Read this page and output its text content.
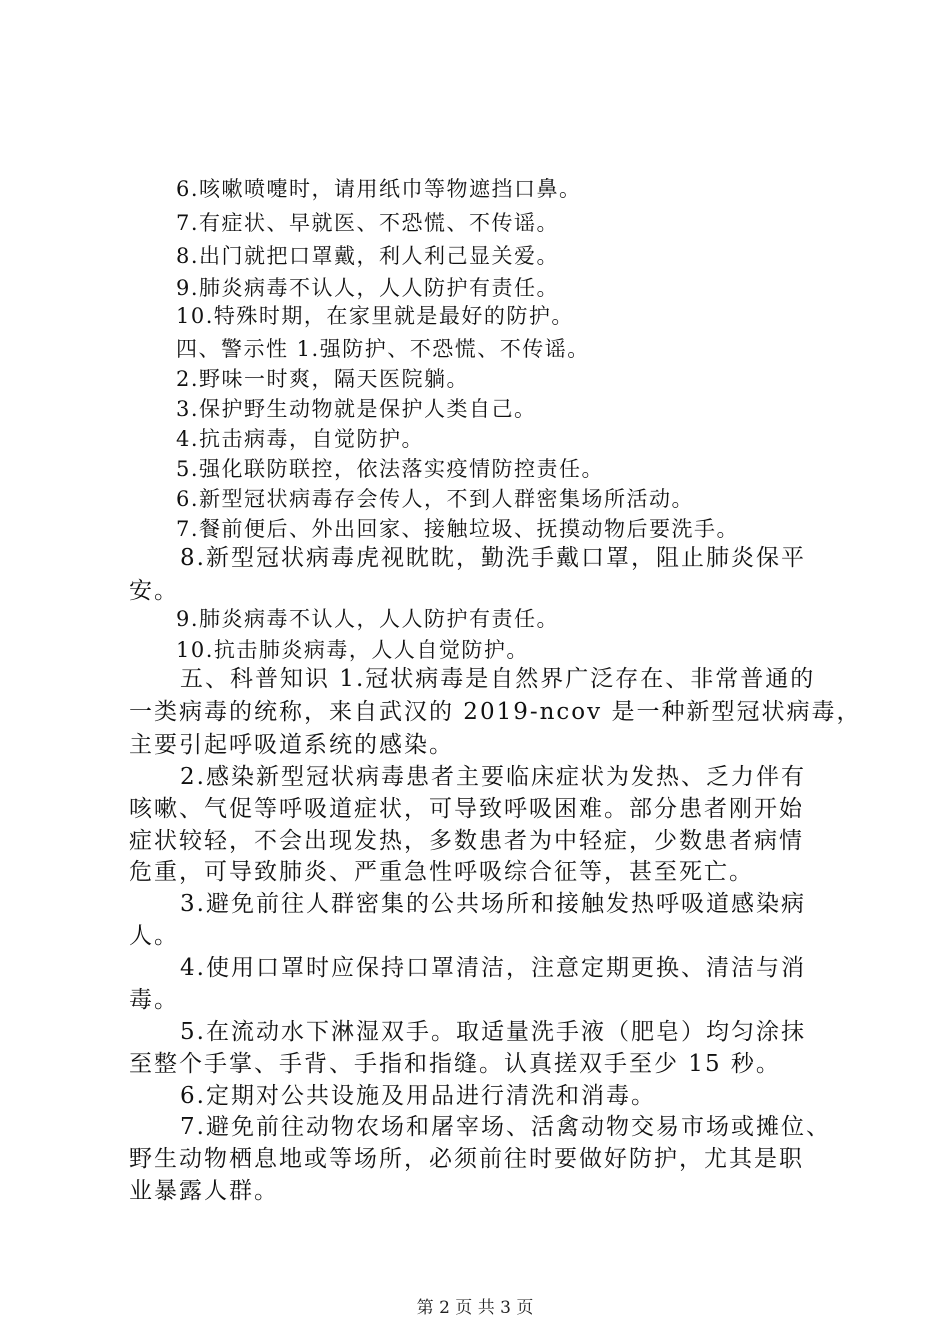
6.咳嗽喷嚏时，请用纸巾等物遮挡口鼻。

7.有症状、早就医、不恐慌、不传谣。

8.出门就把口罩戴，利人利己显关爱。

9.肺炎病毒不认人，人人防护有责任。

10.特殊时期，在家里就是最好的防护。

四、警示性 1.强防护、不恐慌、不传谣。

2.野味一时爽，隔天医院躺。

3.保护野生动物就是保护人类自己。

4.抗击病毒，自觉防护。

5.强化联防联控，依法落实疫情防控责任。

6.新型冠状病毒存会传人，不到人群密集场所活动。

7.餐前便后、外出回家、接触垃圾、抚摸动物后要洗手。

8.新型冠状病毒虎视眈眈，勤洗手戴口罩，阻止肺炎保平

安。

9.肺炎病毒不认人，人人防护有责任。

10.抗击肺炎病毒，人人自觉防护。

五、科普知识 1.冠状病毒是自然界广泛存在、非常普通的

一类病毒的统称，来自武汉的 2019-ncov 是一种新型冠状病毒，

主要引起呼吸道系统的感染。

2.感染新型冠状病毒患者主要临床症状为发热、乏力伴有

咳嗽、气促等呼吸道症状，可导致呼吸困难。部分患者刚开始

症状较轻，不会出现发热，多数患者为中轻症，少数患者病情

危重，可导致肺炎、严重急性呼吸综合征等，甚至死亡。

3.避免前往人群密集的公共场所和接触发热呼吸道感染病

人。

4.使用口罩时应保持口罩清洁，注意定期更换、清洁与消

毒。

5.在流动水下淋湿双手。取适量洗手液（肥皂）均匀涂抹

至整个手掌、手背、手指和指缝。认真搓双手至少 15 秒。

6.定期对公共设施及用品进行清洗和消毒。

7.避免前往动物农场和屠宰场、活禽动物交易市场或摊位、

野生动物栖息地或等场所，必须前往时要做好防护，尤其是职

业暴露人群。

第 2 页 共 3 页
